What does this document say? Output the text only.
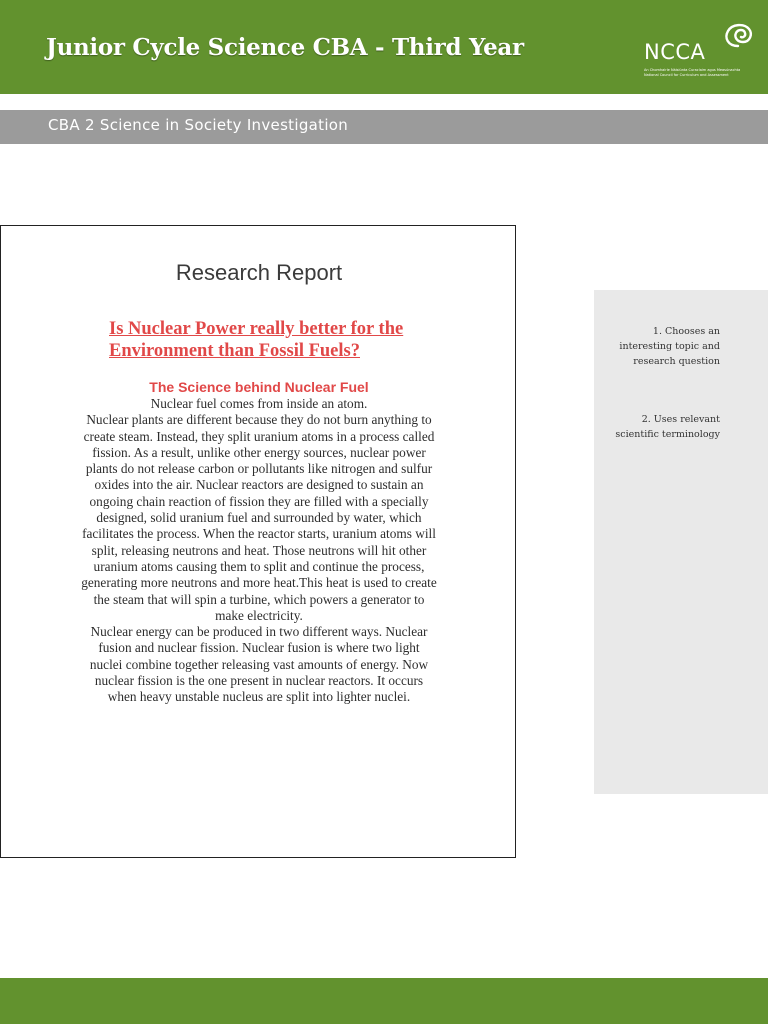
Junior Cycle Science CBA - Third Year	NCCA
An Chomhairle Náisiúnta Curaclaim agus Measúnachta
National Council for Curriculum and Assessment
CBA 2 Science in Society Investigation
Research Report
Is Nuclear Power really better for the
Environment than Fossil Fuels?
The Science behind Nuclear Fuel
Nuclear fuel comes from inside an atom.
Nuclear plants are different because they do not burn anything to
create steam. Instead, they split uranium atoms in a process called
fission. As a result, unlike other energy sources, nuclear power
plants do not release carbon or pollutants like nitrogen and sulfur
oxides into the air. Nuclear reactors are designed to sustain an
ongoing chain reaction of fission they are filled with a specially
designed, solid uranium fuel and surrounded by water, which
facilitates the process. When the reactor starts, uranium atoms will
split, releasing neutrons and heat. Those neutrons will hit other
uranium atoms causing them to split and continue the process,
generating more neutrons and more heat.This heat is used to create
the steam that will spin a turbine, which powers a generator to
make electricity.
Nuclear energy can be produced in two different ways. Nuclear
fusion and nuclear fission. Nuclear fusion is where two light
nuclei combine together releasing vast amounts of energy. Now
nuclear fission is the one present in nuclear reactors. It occurs
when heavy unstable nucleus are split into lighter nuclei.
1. Chooses an
interesting topic and
research question
2. Uses relevant
scientific terminology
